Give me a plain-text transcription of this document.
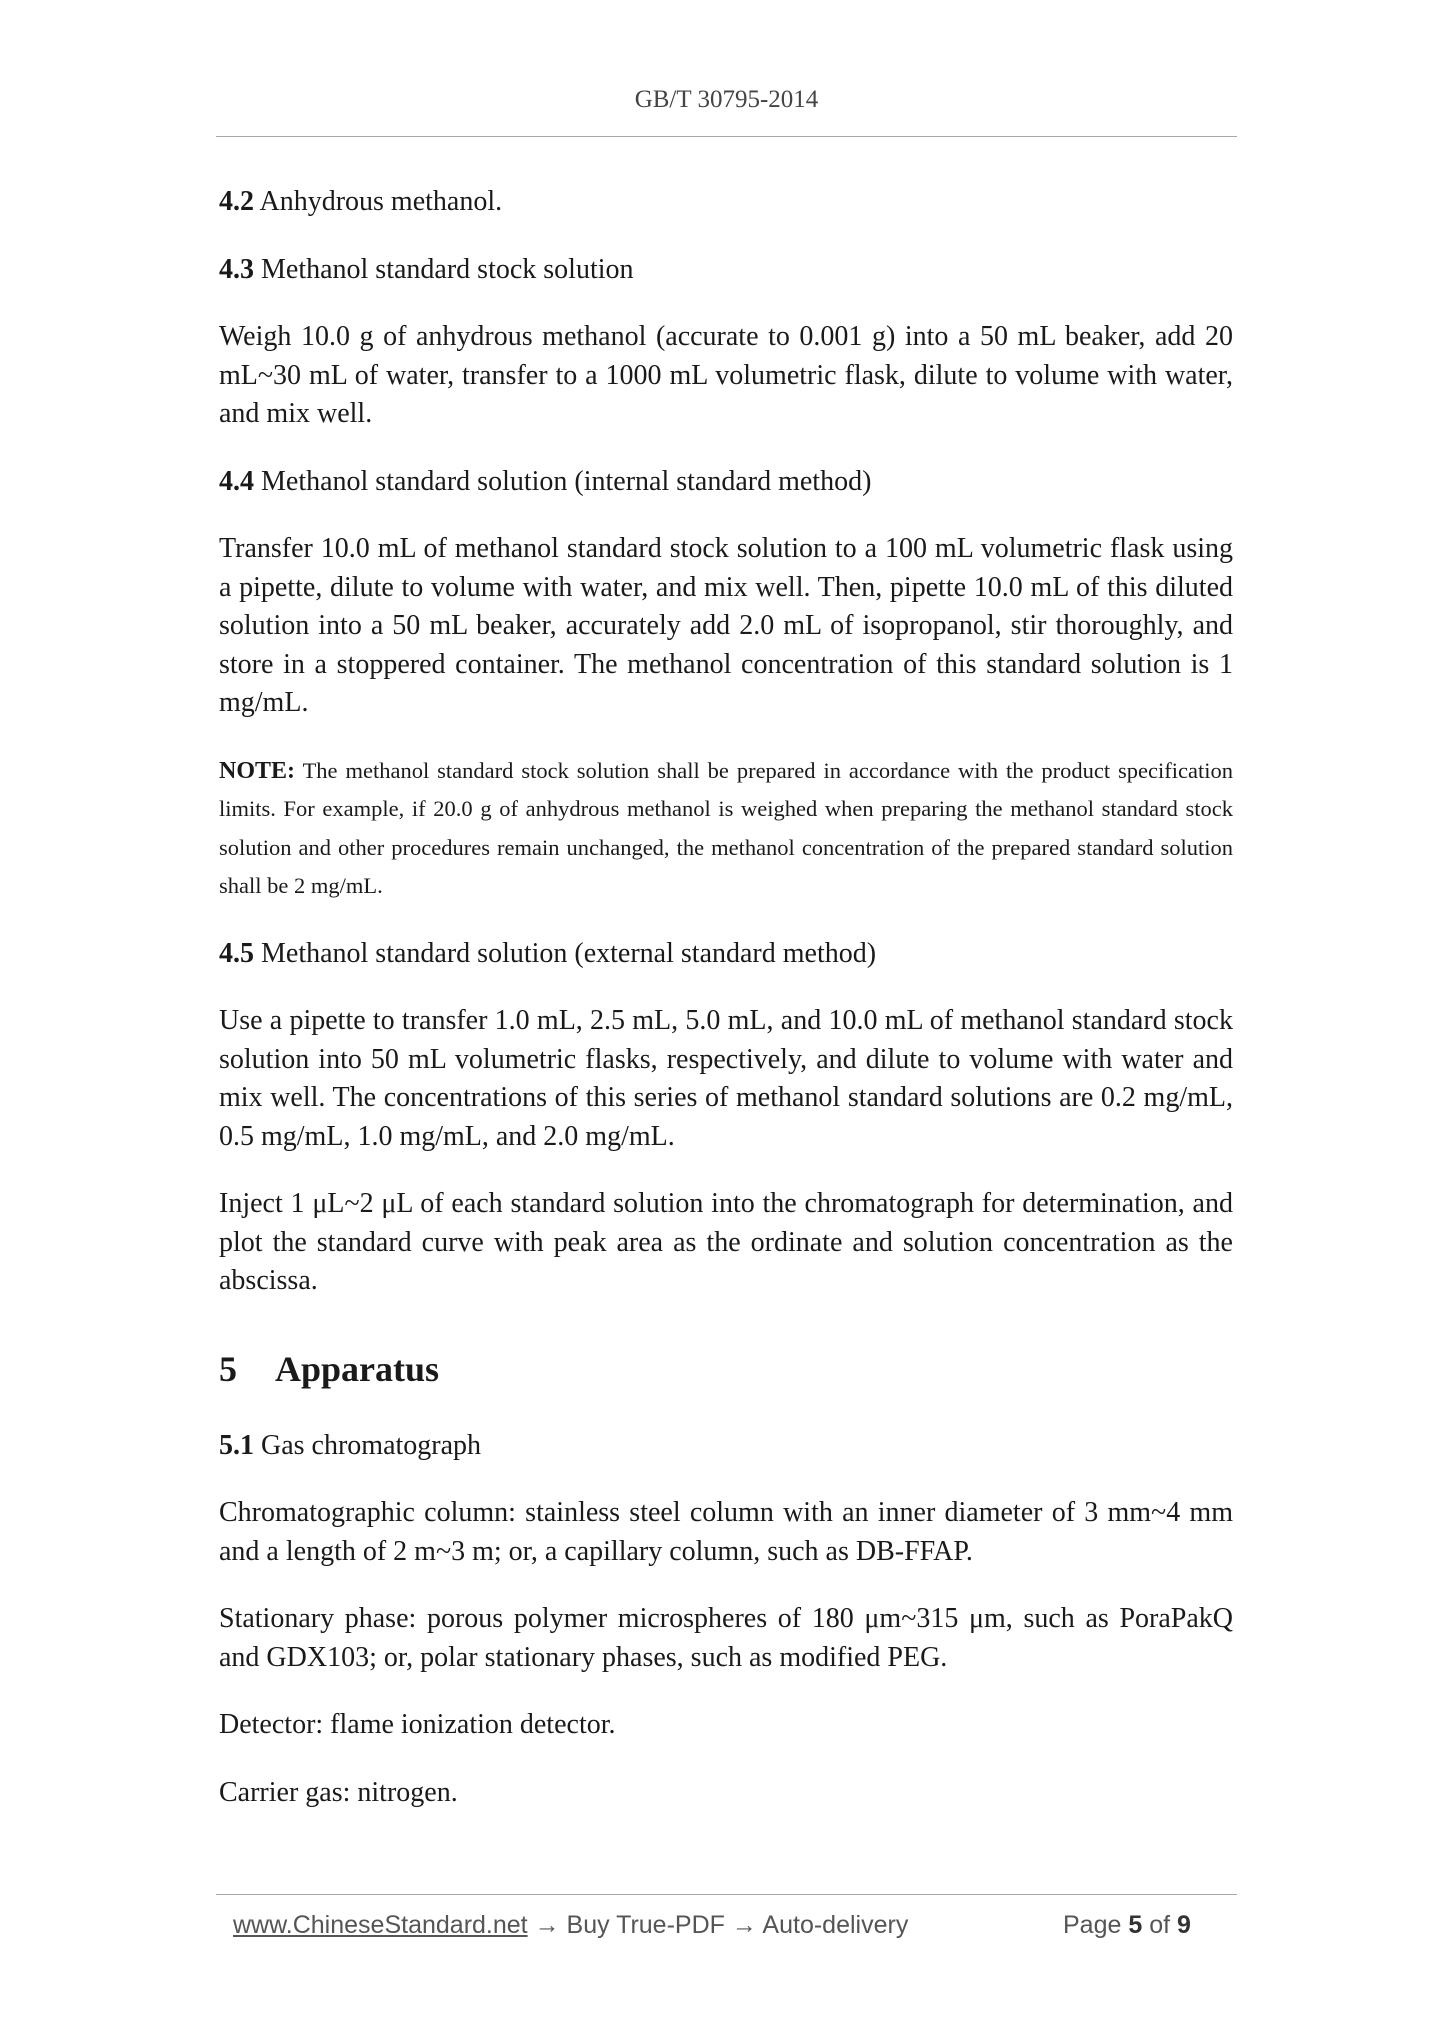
GB/T 30795-2014

4.2 Anhydrous methanol.

4.3 Methanol standard stock solution

Weigh 10.0 g of anhydrous methanol (accurate to 0.001 g) into a 50 mL beaker, add 20 mL~30 mL of water, transfer to a 1000 mL volumetric flask, dilute to volume with water, and mix well.

4.4 Methanol standard solution (internal standard method)

Transfer 10.0 mL of methanol standard stock solution to a 100 mL volumetric flask using a pipette, dilute to volume with water, and mix well. Then, pipette 10.0 mL of this diluted solution into a 50 mL beaker, accurately add 2.0 mL of isopropanol, stir thoroughly, and store in a stoppered container. The methanol concentration of this standard solution is 1 mg/mL.

NOTE: The methanol standard stock solution shall be prepared in accordance with the product specification limits. For example, if 20.0 g of anhydrous methanol is weighed when preparing the methanol standard stock solution and other procedures remain unchanged, the methanol concentration of the prepared standard solution shall be 2 mg/mL.

4.5 Methanol standard solution (external standard method)

Use a pipette to transfer 1.0 mL, 2.5 mL, 5.0 mL, and 10.0 mL of methanol standard stock solution into 50 mL volumetric flasks, respectively, and dilute to volume with water and mix well. The concentrations of this series of methanol standard solutions are 0.2 mg/mL, 0.5 mg/mL, 1.0 mg/mL, and 2.0 mg/mL.

Inject 1 μL~2 μL of each standard solution into the chromatograph for determination, and plot the standard curve with peak area as the ordinate and solution concentration as the abscissa.

5 Apparatus

5.1 Gas chromatograph

Chromatographic column: stainless steel column with an inner diameter of 3 mm~4 mm and a length of 2 m~3 m; or, a capillary column, such as DB-FFAP.

Stationary phase: porous polymer microspheres of 180 μm~315 μm, such as PoraPakQ and GDX103; or, polar stationary phases, such as modified PEG.

Detector: flame ionization detector.

Carrier gas: nitrogen.

www.ChineseStandard.net → Buy True-PDF → Auto-delivery	Page 5 of 9
